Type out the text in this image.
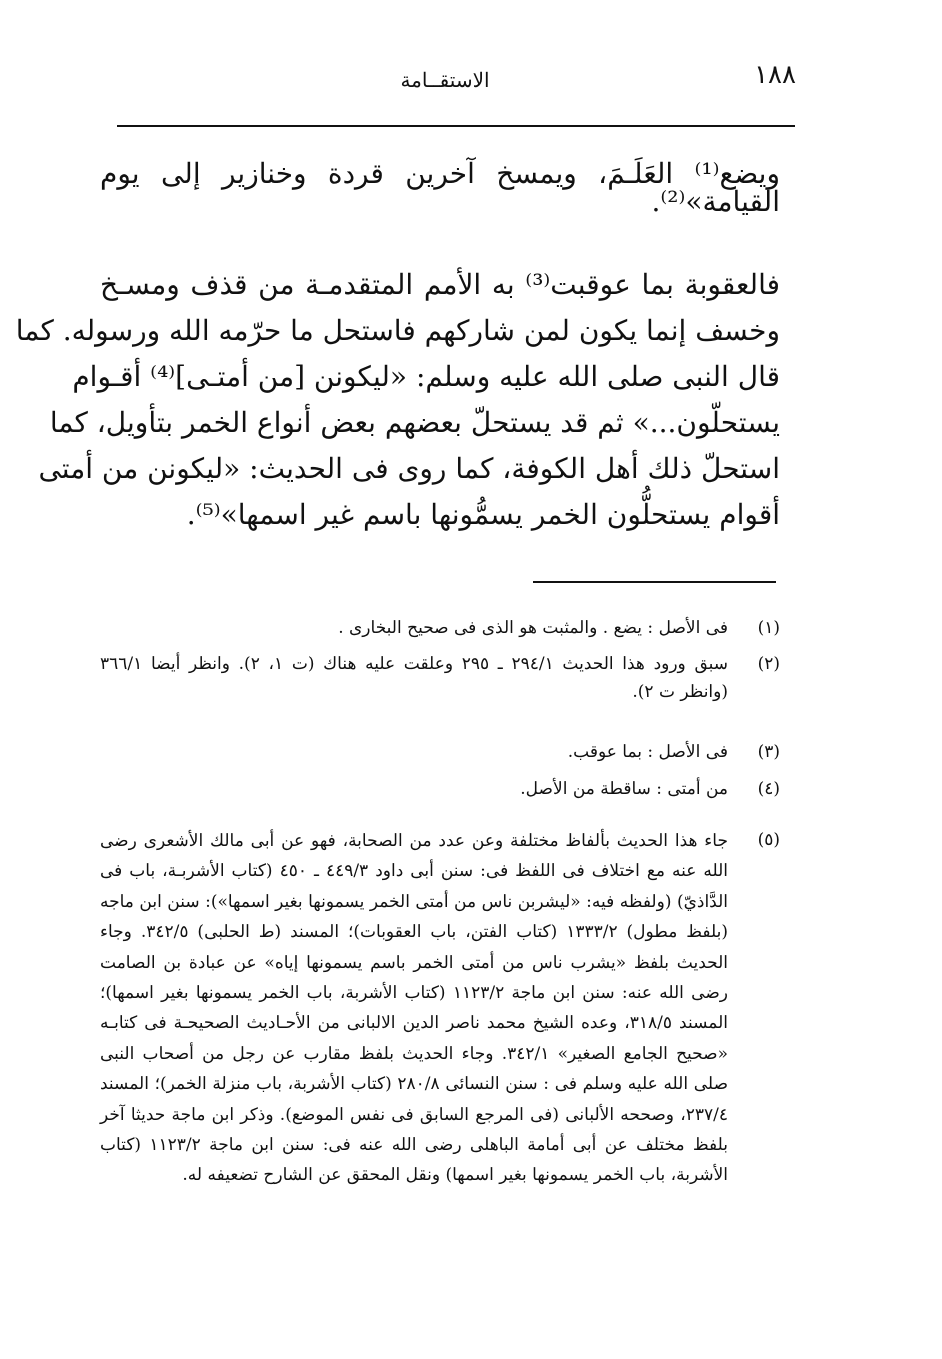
١٨٨
الاستقــامة
ويضع⁽¹⁾ العَلَـمَ، ويمسخ آخرين قردة وخنازير إلى يوم القيامة»⁽²⁾.
فالعقوبة بما عوقبت⁽³⁾ به الأمم المتقدمـة من قذف ومسـخ
وخسف إنما يكون لمن شاركهم فاستحل ما حرّمه الله ورسوله. كما
قال النبى صلى الله عليه وسلم: «ليكونن [من أمتـى]⁽⁴⁾ أقـوام
يستحلّون...» ثم قد يستحلّ بعضهم بعض أنواع الخمر بتأويل، كما
استحلّ ذلك أهل الكوفة، كما روى فى الحديث: «ليكونن من أمتى
أقوام يستحلُّون الخمر يسمُّونها باسم غير اسمها»⁽⁵⁾.
(١)
فى الأصل : يضع . والمثبت هو الذى فى صحيح البخارى .
(٢)
سبق ورود هذا الحديث ٢٩٤/١ ـ ٢٩٥ وعلقت عليه هناك (ت ١، ٢). وانظر أيضا ٣٦٦/١ (وانظر ت ٢).
(٣)
فى الأصل : بما عوقب.
(٤)
من أمتى : ساقطة من الأصل.
(٥)
جاء هذا الحديث بألفاظ مختلفة وعن عدد من الصحابة، فهو عن أبى مالك الأشعرى رضى الله عنه مع اختلاف فى اللفظ فى: سنن أبى داود ٤٤٩/٣ ـ ٤٥٠ (كتاب الأشربـة، باب فى الدَّاذيّ) (ولفظه فيه: «ليشربن ناس من أمتى الخمر يسمونها بغير اسمها»): سنن ابن ماجه (بلفظ مطول) ١٣٣٣/٢ (كتاب الفتن، باب العقوبات)؛ المسند (ط الحلبى) ٣٤٢/٥. وجاء الحديث بلفظ «يشرب ناس من أمتى الخمر باسم يسمونها إياه» عن عبادة بن الصامت رضى الله عنه: سنن ابن ماجة ١١٢٣/٢ (كتاب الأشربة، باب الخمر يسمونها بغير اسمها)؛ المسند ٣١٨/٥، وعده الشيخ محمد ناصر الدين الالبانى من الأحـاديث الصحيحـة فى كتابـه «صحيح الجامع الصغير» ٣٤٢/١. وجاء الحديث بلفظ مقارب عن رجل من أصحاب النبى صلى الله عليه وسلم فى : سنن النسائى ٢٨٠/٨ (كتاب الأشربة، باب منزلة الخمر)؛ المسند ٢٣٧/٤، وصححه الألبانى (فى المرجع السابق فى نفس الموضع). وذكر ابن ماجة حديثا آخر بلفظ مختلف عن أبى أمامة الباهلى رضى الله عنه فى: سنن ابن ماجة ١١٢٣/٢ (كتاب الأشربة، باب الخمر يسمونها بغير اسمها) ونقل المحقق عن الشارح تضعيفه له.
